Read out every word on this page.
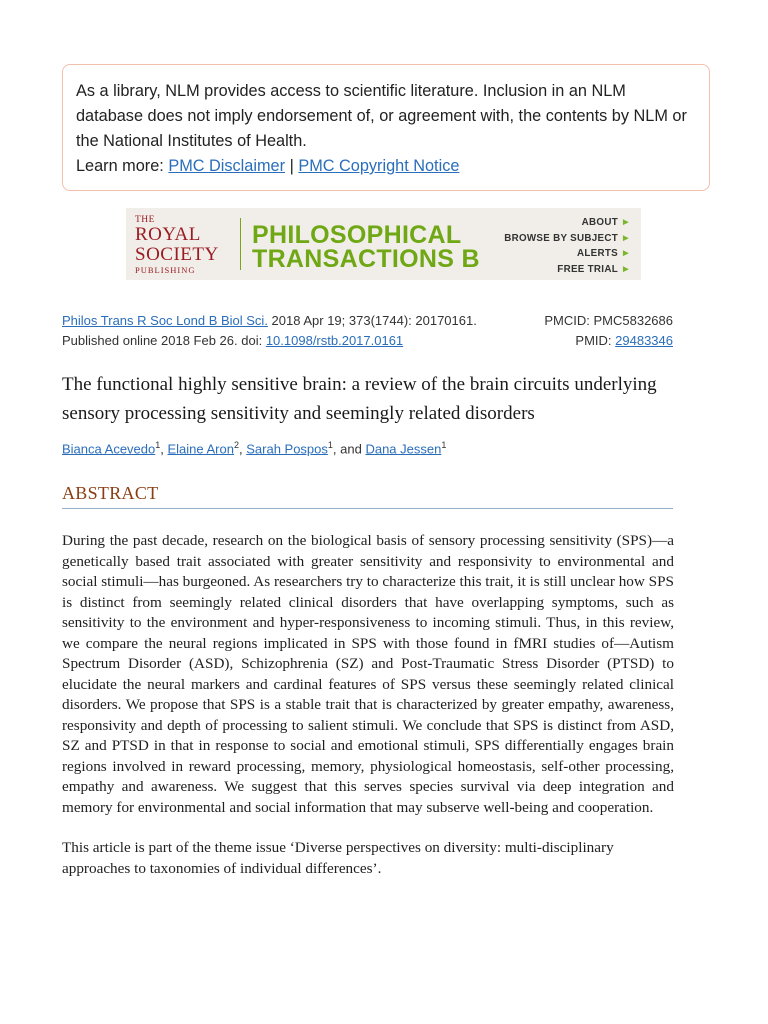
As a library, NLM provides access to scientific literature. Inclusion in an NLM database does not imply endorsement of, or agreement with, the contents by NLM or the National Institutes of Health.
Learn more: PMC Disclaimer | PMC Copyright Notice
THE
ROYAL
SOCIETY
PUBLISHING
PHILOSOPHICAL
TRANSACTIONS B
ABOUT ►
BROWSE BY SUBJECT ►
ALERTS ►
FREE TRIAL ►
Philos Trans R Soc Lond B Biol Sci. 2018 Apr 19; 373(1744): 20170161.	PMCID: PMC5832686
Published online 2018 Feb 26. doi: 10.1098/rstb.2017.0161	PMID: 29483346
The functional highly sensitive brain: a review of the brain circuits underlying sensory processing sensitivity and seemingly related disorders
Bianca Acevedo$^1$, Elaine Aron$^2$, Sarah Pospos$^1$, and Dana Jessen$^1$
ABSTRACT

During the past decade, research on the biological basis of sensory processing sensitivity (SPS)—a genetically based trait associated with greater sensitivity and responsivity to environmental and social stimuli—has burgeoned. As researchers try to characterize this trait, it is still unclear how SPS is distinct from seemingly related clinical disorders that have overlapping symptoms, such as sensitivity to the environment and hyper-responsiveness to incoming stimuli. Thus, in this review, we compare the neural regions implicated in SPS with those found in fMRI studies of—Autism Spectrum Disorder (ASD), Schizophrenia (SZ) and Post-Traumatic Stress Disorder (PTSD) to elucidate the neural markers and cardinal features of SPS versus these seemingly related clinical disorders. We propose that SPS is a stable trait that is characterized by greater empathy, awareness, responsivity and depth of processing to salient stimuli. We conclude that SPS is distinct from ASD, SZ and PTSD in that in response to social and emotional stimuli, SPS differentially engages brain regions involved in reward processing, memory, physiological homeostasis, self-other processing, empathy and awareness. We suggest that this serves species survival via deep integration and memory for environmental and social information that may subserve well-being and cooperation.

This article is part of the theme issue ‘Diverse perspectives on diversity: multi-disciplinary approaches to taxonomies of individual differences’.
